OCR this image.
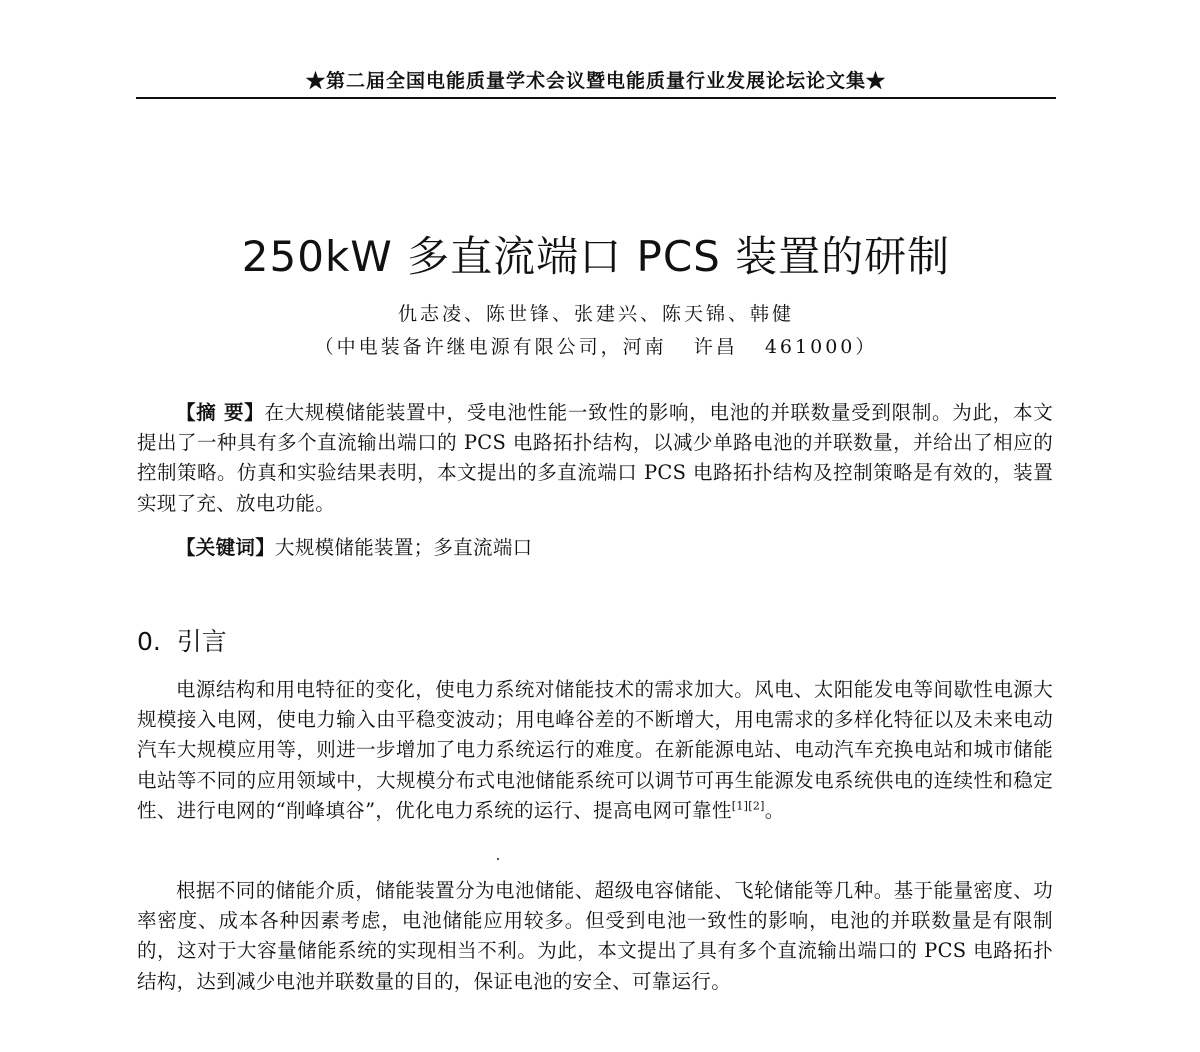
★第二届全国电能质量学术会议暨电能质量行业发展论坛论文集★
250kW 多直流端口 PCS 装置的研制
仇志凌、陈世锋、张建兴、陈天锦、韩健
（中电装备许继电源有限公司，河南   许昌   461000）

【摘 要】在大规模储能装置中，受电池性能一致性的影响，电池的并联数量受到限制。为此，本文提出了一种具有多个直流输出端口的 PCS 电路拓扑结构，以减少单路电池的并联数量，并给出了相应的控制策略。仿真和实验结果表明，本文提出的多直流端口 PCS 电路拓扑结构及控制策略是有效的，装置实现了充、放电功能。

【关键词】大规模储能装置；多直流端口

0.  引言

电源结构和用电特征的变化，使电力系统对储能技术的需求加大。风电、太阳能发电等间歇性电源大规模接入电网，使电力输入由平稳变波动；用电峰谷差的不断增大，用电需求的多样化特征以及未来电动汽车大规模应用等，则进一步增加了电力系统运行的难度。在新能源电站、电动汽车充换电站和城市储能电站等不同的应用领域中，大规模分布式电池储能系统可以调节可再生能源发电系统供电的连续性和稳定性、进行电网的“削峰填谷”，优化电力系统的运行、提高电网可靠性[1][2]。

根据不同的储能介质，储能装置分为电池储能、超级电容储能、飞轮储能等几种。基于能量密度、功率密度、成本各种因素考虑，电池储能应用较多。但受到电池一致性的影响，电池的并联数量是有限制的，这对于大容量储能系统的实现相当不利。为此，本文提出了具有多个直流输出端口的 PCS 电路拓扑结构，达到减少电池并联数量的目的，保证电池的安全、可靠运行。
